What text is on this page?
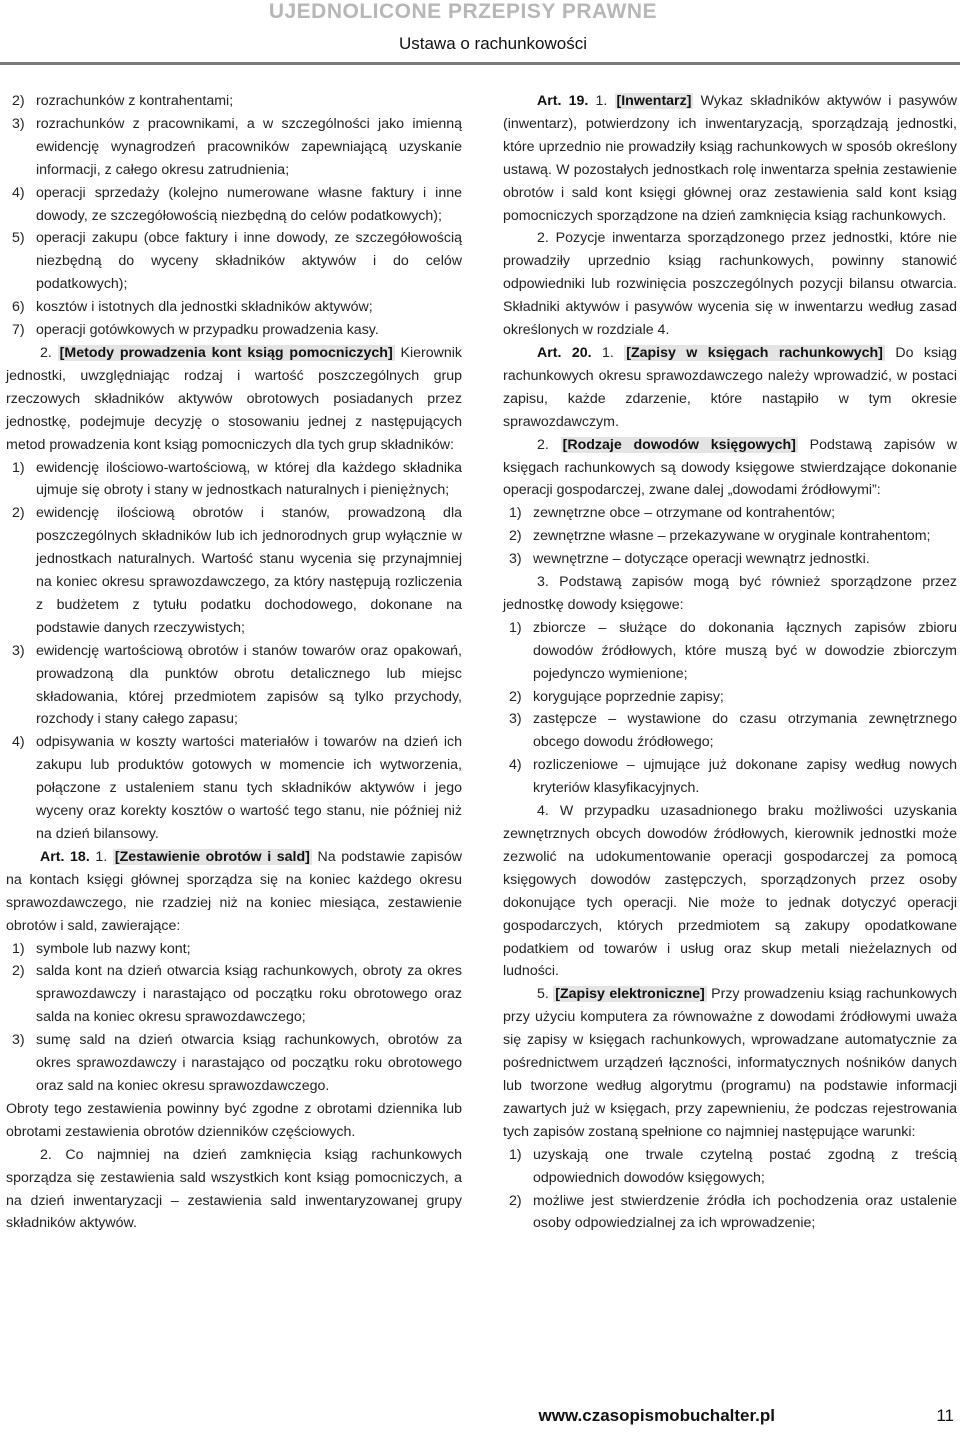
UJEDNOLICONE PRZEPISY PRAWNE
Ustawa o rachunkowości

2) rozrachunków z kontrahentami;

3) rozrachunków z pracownikami, a w szczególności jako imienną ewidencję wynagrodzeń pracowników zapewniającą uzyskanie informacji, z całego okresu zatrudnienia;

4) operacji sprzedaży (kolejno numerowane własne faktury i inne dowody, ze szczegółowością niezbędną do celów podatkowych);

5) operacji zakupu (obce faktury i inne dowody, ze szczegółowością niezbędną do wyceny składników aktywów i do celów podatkowych);

6) kosztów i istotnych dla jednostki składników aktywów;

7) operacji gotówkowych w przypadku prowadzenia kasy.

2. [Metody prowadzenia kont ksiąg pomocniczych] Kierownik jednostki, uwzględniając rodzaj i wartość poszczególnych grup rzeczowych składników aktywów obrotowych posiadanych przez jednostkę, podejmuje decyzję o stosowaniu jednej z następujących metod prowadzenia kont ksiąg pomocniczych dla tych grup składników:

1) ewidencję ilościowo-wartościową, w której dla każdego składnika ujmuje się obroty i stany w jednostkach naturalnych i pieniężnych;

2) ewidencję ilościową obrotów i stanów, prowadzoną dla poszczególnych składników lub ich jednorodnych grup wyłącznie w jednostkach naturalnych. Wartość stanu wycenia się przynajmniej na koniec okresu sprawozdawczego, za który następują rozliczenia z budżetem z tytułu podatku dochodowego, dokonane na podstawie danych rzeczywistych;

3) ewidencję wartościową obrotów i stanów towarów oraz opakowań, prowadzoną dla punktów obrotu detalicznego lub miejsc składowania, której przedmiotem zapisów są tylko przychody, rozchody i stany całego zapasu;

4) odpisywania w koszty wartości materiałów i towarów na dzień ich zakupu lub produktów gotowych w momencie ich wytworzenia, połączone z ustaleniem stanu tych składników aktywów i jego wyceny oraz korekty kosztów o wartość tego stanu, nie później niż na dzień bilansowy.

Art. 18. 1. [Zestawienie obrotów i sald] Na podstawie zapisów na kontach księgi głównej sporządza się na koniec każdego okresu sprawozdawczego, nie rzadziej niż na koniec miesiąca, zestawienie obrotów i sald, zawierające:

1) symbole lub nazwy kont;

2) salda kont na dzień otwarcia ksiąg rachunkowych, obroty za okres sprawozdawczy i narastająco od początku roku obrotowego oraz salda na koniec okresu sprawozdawczego;

3) sumę sald na dzień otwarcia ksiąg rachunkowych, obrotów za okres sprawozdawczy i narastająco od początku roku obrotowego oraz sald na koniec okresu sprawozdawczego.

Obroty tego zestawienia powinny być zgodne z obrotami dziennika lub obrotami zestawienia obrotów dzienników częściowych.

2. Co najmniej na dzień zamknięcia ksiąg rachunkowych sporządza się zestawienia sald wszystkich kont ksiąg pomocniczych, a na dzień inwentaryzacji – zestawienia sald inwentaryzowanej grupy składników aktywów.

Art. 19. 1. [Inwentarz] Wykaz składników aktywów i pasywów (inwentarz), potwierdzony ich inwentaryzacją, sporządzają jednostki, które uprzednio nie prowadziły ksiąg rachunkowych w sposób określony ustawą. W pozostałych jednostkach rolę inwentarza spełnia zestawienie obrotów i sald kont księgi głównej oraz zestawienia sald kont ksiąg pomocniczych sporządzone na dzień zamknięcia ksiąg rachunkowych.

2. Pozycje inwentarza sporządzonego przez jednostki, które nie prowadziły uprzednio ksiąg rachunkowych, powinny stanowić odpowiedniki lub rozwinięcia poszczególnych pozycji bilansu otwarcia. Składniki aktywów i pasywów wycenia się w inwentarzu według zasad określonych w rozdziale 4.

Art. 20. 1. [Zapisy w księgach rachunkowych] Do ksiąg rachunkowych okresu sprawozdawczego należy wprowadzić, w postaci zapisu, każde zdarzenie, które nastąpiło w tym okresie sprawozdawczym.

2. [Rodzaje dowodów księgowych] Podstawą zapisów w księgach rachunkowych są dowody księgowe stwierdzające dokonanie operacji gospodarczej, zwane dalej „dowodami źródłowymi”:

1) zewnętrzne obce – otrzymane od kontrahentów;

2) zewnętrzne własne – przekazywane w oryginale kontrahentom;

3) wewnętrzne – dotyczące operacji wewnątrz jednostki.

3. Podstawą zapisów mogą być również sporządzone przez jednostkę dowody księgowe:

1) zbiorcze – służące do dokonania łącznych zapisów zbioru dowodów źródłowych, które muszą być w dowodzie zbiorczym pojedynczo wymienione;

2) korygujące poprzednie zapisy;

3) zastępcze – wystawione do czasu otrzymania zewnętrznego obcego dowodu źródłowego;

4) rozliczeniowe – ujmujące już dokonane zapisy według nowych kryteriów klasyfikacyjnych.

4. W przypadku uzasadnionego braku możliwości uzyskania zewnętrznych obcych dowodów źródłowych, kierownik jednostki może zezwolić na udokumentowanie operacji gospodarczej za pomocą księgowych dowodów zastępczych, sporządzonych przez osoby dokonujące tych operacji. Nie może to jednak dotyczyć operacji gospodarczych, których przedmiotem są zakupy opodatkowane podatkiem od towarów i usług oraz skup metali nieżelaznych od ludności.

5. [Zapisy elektroniczne] Przy prowadzeniu ksiąg rachunkowych przy użyciu komputera za równoważne z dowodami źródłowymi uważa się zapisy w księgach rachunkowych, wprowadzane automatycznie za pośrednictwem urządzeń łączności, informatycznych nośników danych lub tworzone według algorytmu (programu) na podstawie informacji zawartych już w księgach, przy zapewnieniu, że podczas rejestrowania tych zapisów zostaną spełnione co najmniej następujące warunki:

1) uzyskają one trwale czytelną postać zgodną z treścią odpowiednich dowodów księgowych;

2) możliwe jest stwierdzenie źródła ich pochodzenia oraz ustalenie osoby odpowiedzialnej za ich wprowadzenie;

www.czasopismobuchalter.pl	11
